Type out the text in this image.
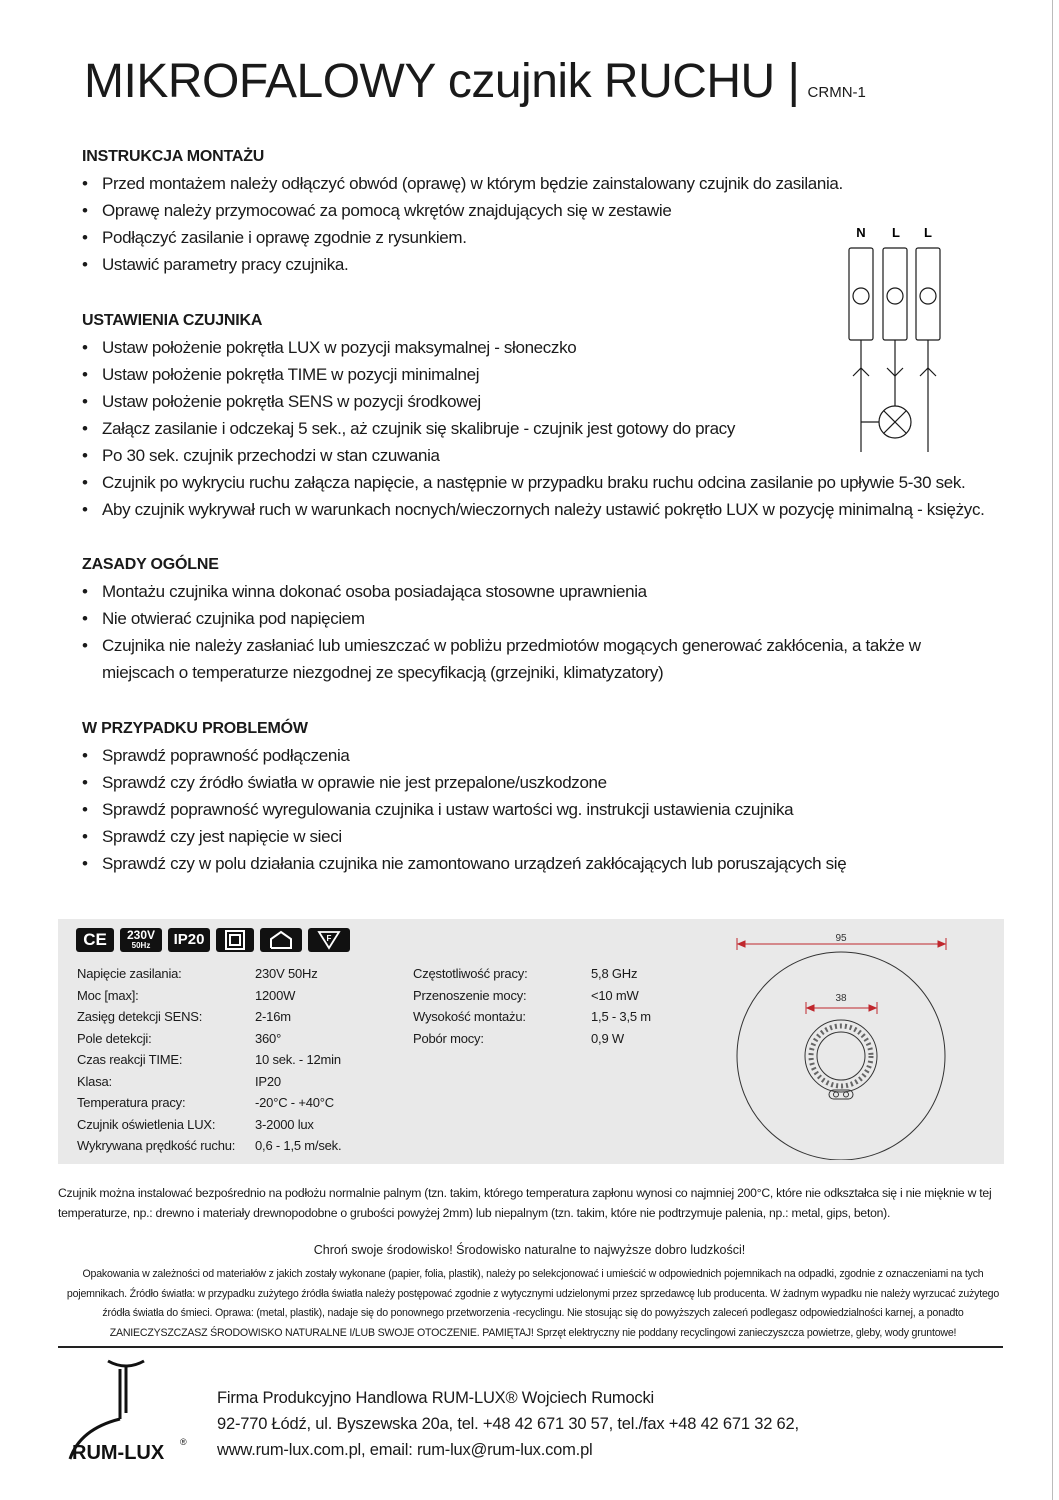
MIKROFALOWY czujnik RUCHU | CRMN-1
INSTRUKCJA MONTAŻU
• Przed montażem należy odłączyć obwód (oprawę) w którym będzie zainstalowany czujnik do zasilania.
• Oprawę należy przymocować za pomocą wkrętów znajdujących się w zestawie
• Podłączyć zasilanie i oprawę zgodnie z rysunkiem.
• Ustawić parametry pracy czujnika.
USTAWIENIA CZUJNIKA
• Ustaw położenie pokrętła LUX w pozycji maksymalnej - słoneczko
• Ustaw położenie pokrętła TIME w pozycji minimalnej
• Ustaw położenie pokrętła SENS w pozycji środkowej
• Załącz zasilanie i odczekaj 5 sek., aż czujnik się skalibruje - czujnik jest gotowy do pracy
• Po 30 sek. czujnik przechodzi w stan czuwania
• Czujnik po wykryciu ruchu załącza napięcie, a następnie w przypadku braku ruchu odcina zasilanie po upływie 5-30 sek.
• Aby czujnik wykrywał ruch w warunkach nocnych/wieczornych należy ustawić pokrętło LUX w pozycję minimalną - księżyc.
ZASADY OGÓLNE
• Montażu czujnika winna dokonać osoba posiadająca stosowne uprawnienia
• Nie otwierać czujnika pod napięciem
• Czujnika nie należy zasłaniać lub umieszczać w pobliżu przedmiotów mogących generować zakłócenia, a także w miejscach o temperaturze niezgodnej ze specyfikacją (grzejniki, klimatyzatory)
W PRZYPADKU PROBLEMÓW
• Sprawdź poprawność podłączenia
• Sprawdź czy źródło światła w oprawie nie jest przepalone/uszkodzone
• Sprawdź poprawność wyregulowania czujnika i ustaw wartości wg. instrukcji ustawienia czujnika
• Sprawdź czy jest napięcie w sieci
• Sprawdź czy w polu działania czujnika nie zamontowano urządzeń zakłócających lub poruszających się
N L L
CE	230V
50Hz	IP20	F
Napięcie zasilania:	230V 50Hz
Moc [max]:	1200W
Zasięg detekcji SENS:	2-16m
Pole detekcji:	360°
Czas reakcji TIME:	10 sek. - 12min
Klasa:	IP20
Temperatura pracy:	-20°C - +40°C
Czujnik oświetlenia LUX:	3-2000 lux
Wykrywana prędkość ruchu:	0,6 - 1,5 m/sek.
Częstotliwość pracy:	5,8 GHz
Przenoszenie mocy:	<10 mW
Wysokość montażu:	1,5 - 3,5 m
Pobór mocy:	0,9 W
95
38
Czujnik można instalować bezpośrednio na podłożu normalnie palnym (tzn. takim, którego temperatura zapłonu wynosi co najmniej 200°C, które nie odkształca się i nie mięknie w tej temperaturze, np.: drewno i materiały drewnopodobne o grubości powyżej 2mm) lub niepalnym (tzn. takim, które nie podtrzymuje palenia, np.: metal, gips, beton).
Chroń swoje środowisko! Środowisko naturalne to najwyższe dobro ludzkości!
Opakowania w zależności od materiałów z jakich zostały wykonane (papier, folia, plastik), należy po selekcjonować i umieścić w odpowiednich pojemnikach na odpadki, zgodnie z oznaczeniami na tych pojemnikach. Źródło światła: w przypadku zużytego źródła światła należy postępować zgodnie z wytycznymi udzielonymi przez sprzedawcę lub producenta. W żadnym wypadku nie należy wyrzucać zużytego źródła światła do śmieci. Oprawa: (metal, plastik), nadaje się do ponownego przetworzenia -recyclingu. Nie stosując się do powyższych zaleceń podlegasz odpowiedzialności karnej, a ponadto ZANIECZYSZCZASZ ŚRODOWISKO NATURALNE I/LUB SWOJE OTOCZENIE. PAMIĘTAJ! Sprzęt elektryczny nie poddany recyclingowi zanieczyszcza powietrze, gleby, wody gruntowe!
RUM-LUX ®
Firma Produkcyjno Handlowa RUM-LUX® Wojciech Rumocki
92-770 Łódź, ul. Byszewska 20a, tel. +48 42 671 30 57, tel./fax +48 42 671 32 62,
www.rum-lux.com.pl, email: rum-lux@rum-lux.com.pl
